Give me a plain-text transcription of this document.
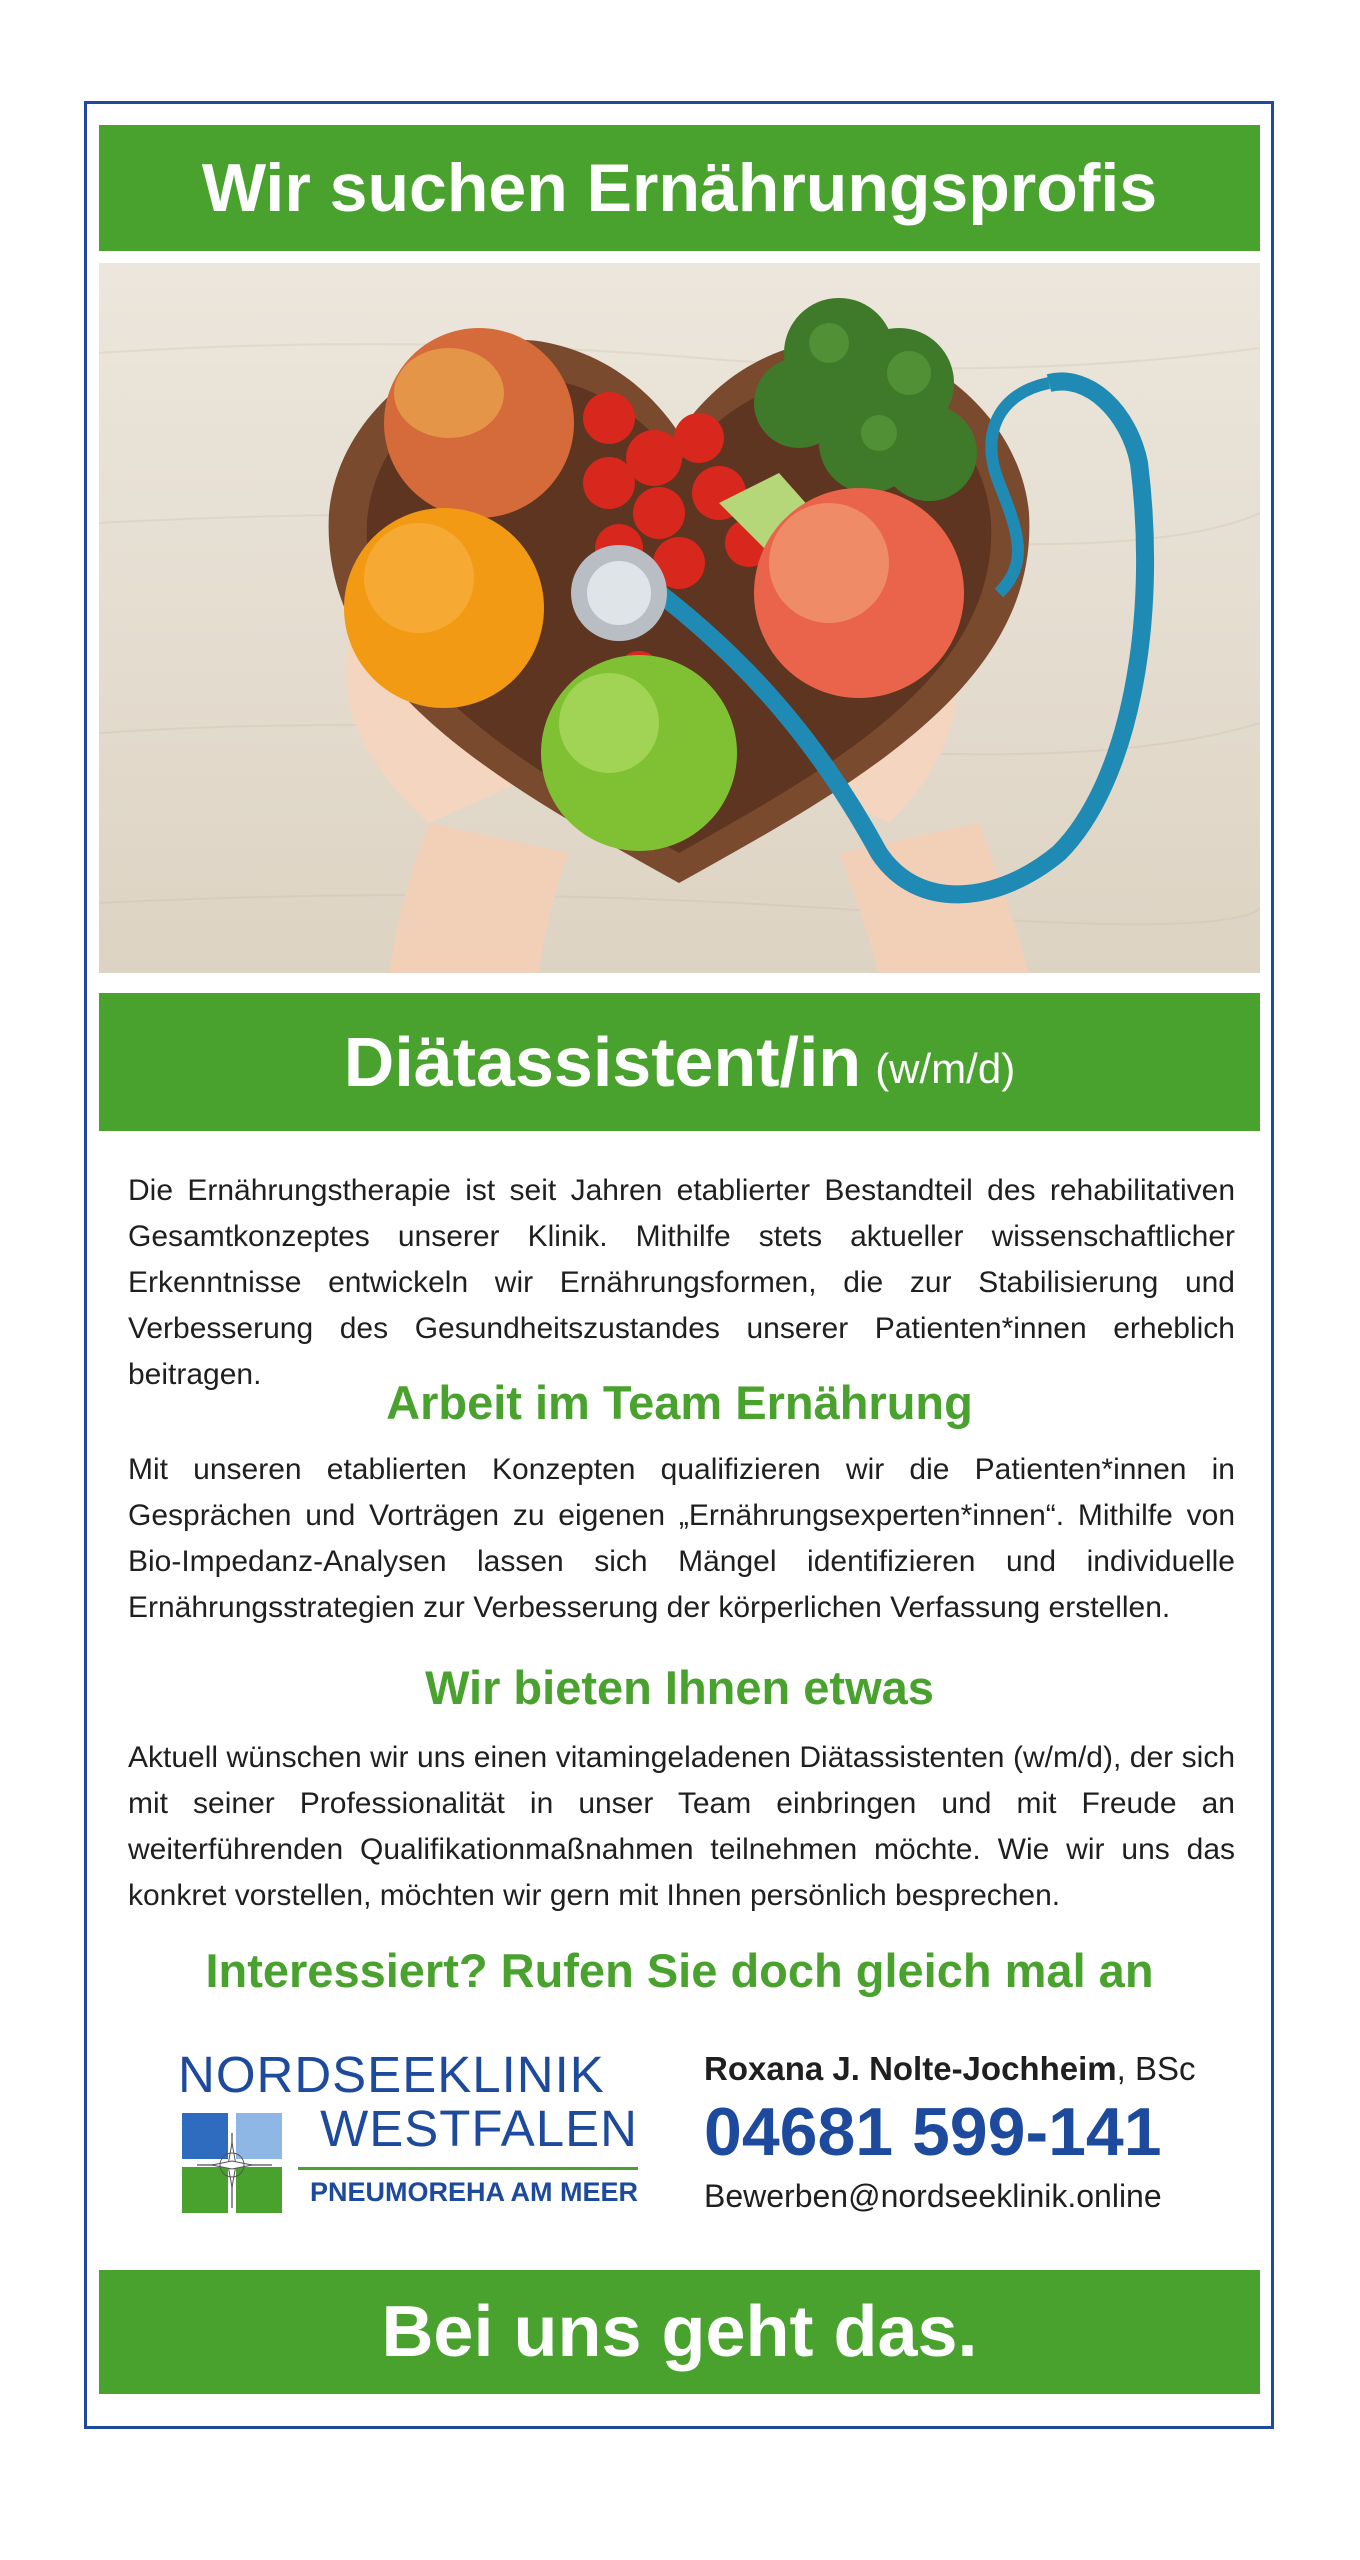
Wir suchen Ernährungsprofis
Diätassistent/in (w/m/d)

Die Ernährungstherapie ist seit Jahren etablierter Bestandteil des rehabilitativen Gesamtkonzeptes unserer Klinik. Mithilfe stets aktueller wissenschaftlicher Erkenntnisse entwickeln wir Ernährungsformen, die zur Stabilisierung und Verbesserung des Gesundheitszustandes unserer Patienten*innen erheblich beitragen.

Arbeit im Team Ernährung

Mit unseren etablierten Konzepten qualifizieren wir die Patienten*innen in Gesprächen und Vorträgen zu eigenen „Ernährungsexperten*innen“. Mithilfe von Bio-Impedanz-Analysen lassen sich Mängel identifizieren und individuelle Ernährungsstrategien zur Verbesserung der körperlichen Verfassung erstellen.

Wir bieten Ihnen etwas

Aktuell wünschen wir uns einen vitamingeladenen Diätassistenten (w/m/d), der sich mit seiner Professionalität in unser Team einbringen und mit Freude an weiterführenden Qualifikationmaßnahmen teilnehmen möchte. Wie wir uns das konkret vorstellen, möchten wir gern mit Ihnen persönlich besprechen.

Interessiert? Rufen Sie doch gleich mal an
NORDSEEKLINIK
WESTFALEN
PNEUMOREHA AM MEER
Roxana J. Nolte-Jochheim, BSc
04681 599-141
Bewerben@nordseeklinik.online
Bei uns geht das.
